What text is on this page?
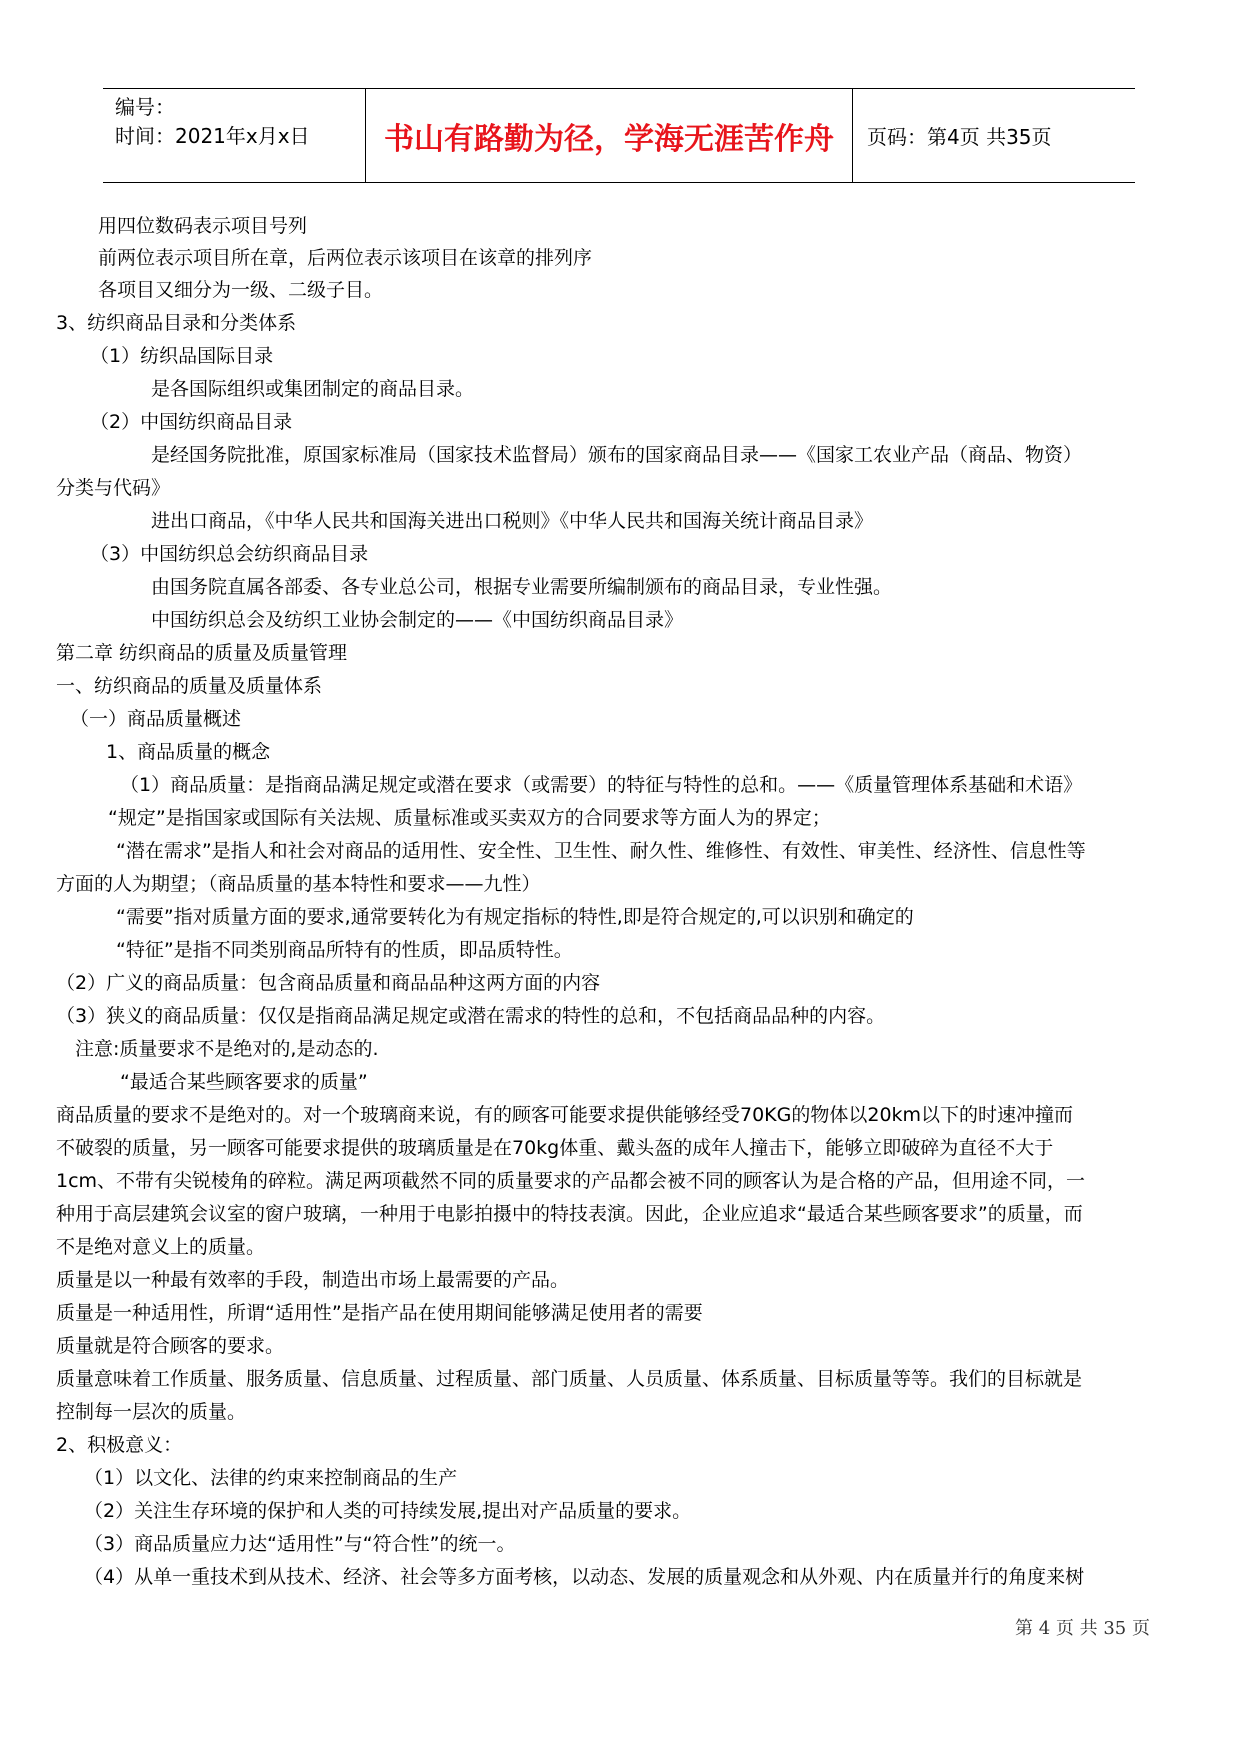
编号：
时间：2021年x月x日	书山有路勤为径，学海无涯苦作舟 页码：第4页 共35页

用四位数码表示项目号列

前两位表示项目所在章，后两位表示该项目在该章的排列序

各项目又细分为一级、二级子目。

3、纺织商品目录和分类体系

（1）纺织品国际目录

是各国际组织或集团制定的商品目录。

（2）中国纺织商品目录

是经国务院批准，原国家标准局（国家技术监督局）颁布的国家商品目录——《国家工农业产品（商品、物资）

分类与代码》

进出口商品，《中华人民共和国海关进出口税则》《中华人民共和国海关统计商品目录》

（3）中国纺织总会纺织商品目录

由国务院直属各部委、各专业总公司，根据专业需要所编制颁布的商品目录，专业性强。

中国纺织总会及纺织工业协会制定的——《中国纺织商品目录》

第二章 纺织商品的质量及质量管理

一、纺织商品的质量及质量体系

（一）商品质量概述

1、商品质量的概念

（1）商品质量：是指商品满足规定或潜在要求（或需要）的特征与特性的总和。——《质量管理体系基础和术语》

“规定”是指国家或国际有关法规、质量标准或买卖双方的合同要求等方面人为的界定；

“潜在需求”是指人和社会对商品的适用性、安全性、卫生性、耐久性、维修性、有效性、审美性、经济性、信息性等

方面的人为期望；（商品质量的基本特性和要求——九性）

“需要”指对质量方面的要求,通常要转化为有规定指标的特性,即是符合规定的,可以识别和确定的

“特征”是指不同类别商品所特有的性质，即品质特性。

（2）广义的商品质量：包含商品质量和商品品种这两方面的内容

（3）狭义的商品质量：仅仅是指商品满足规定或潜在需求的特性的总和，不包括商品品种的内容。

注意:质量要求不是绝对的,是动态的.

“最适合某些顾客要求的质量”

商品质量的要求不是绝对的。对一个玻璃商来说，有的顾客可能要求提供能够经受70KG的物体以20km以下的时速冲撞而

不破裂的质量，另一顾客可能要求提供的玻璃质量是在70kg体重、戴头盔的成年人撞击下，能够立即破碎为直径不大于

1cm、不带有尖锐棱角的碎粒。满足两项截然不同的质量要求的产品都会被不同的顾客认为是合格的产品，但用途不同，一

种用于高层建筑会议室的窗户玻璃，一种用于电影拍摄中的特技表演。因此，企业应追求“最适合某些顾客要求”的质量，而

不是绝对意义上的质量。

质量是以一种最有效率的手段，制造出市场上最需要的产品。

质量是一种适用性，所谓“适用性”是指产品在使用期间能够满足使用者的需要

质量就是符合顾客的要求。

质量意味着工作质量、服务质量、信息质量、过程质量、部门质量、人员质量、体系质量、目标质量等等。我们的目标就是

控制每一层次的质量。

2、积极意义：

（1）以文化、法律的约束来控制商品的生产

（2）关注生存环境的保护和人类的可持续发展,提出对产品质量的要求。

（3）商品质量应力达“适用性”与“符合性”的统一。

（4）从单一重技术到从技术、经济、社会等多方面考核，以动态、发展的质量观念和从外观、内在质量并行的角度来树

第 4 页 共 35 页
